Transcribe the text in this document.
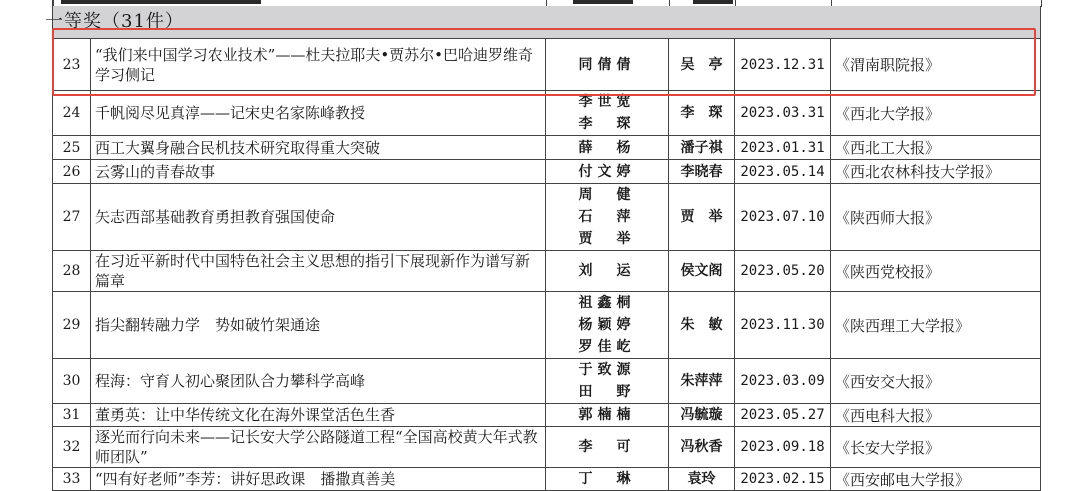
一等奖（31件）
23	“我们来中国学习农业技术”——杜夫拉耶夫•贾苏尔•巴哈迪罗维奇学习侧记	同倩倩	吴　亭	2023.12.31	《渭南职院报》
24	千帆阅尽见真淳——记宋史名家陈峰教授	李世宽 李　琛	李　琛	2023.03.31	《西北大学报》
25	西工大翼身融合民机技术研究取得重大突破	薛　杨	潘子祺	2023.01.31	《西北工大报》
26	云雾山的青春故事	付文婷	李晓春	2023.05.14	《西北农林科技大学报》
27	矢志西部基础教育勇担教育强国使命	周　健 石　萍 贾　举	贾　举	2023.07.10	《陕西师大报》
28	在习近平新时代中国特色社会主义思想的指引下展现新作为谱写新篇章	刘　运	侯文阁	2023.05.20	《陕西党校报》
29	指尖翻转融力学　势如破竹架通途	祖鑫桐 杨颖婷 罗佳屹	朱　敏	2023.11.30	《陕西理工大学报》
30	程海：守育人初心聚团队合力攀科学高峰	于致源 田　野	朱萍萍	2023.03.09	《西安交大报》
31	董勇英：让中华传统文化在海外课堂活色生香	郭楠楠	冯毓璇	2023.05.27	《西电科大报》
32	逐光而行向未来——记长安大学公路隧道工程“全国高校黄大年式教师团队”	李　可	冯秋香	2023.09.18	《长安大学报》
33	“四有好老师”李芳：讲好思政课　播撒真善美	丁　琳	袁玲	2023.02.15	《西安邮电大学报》
